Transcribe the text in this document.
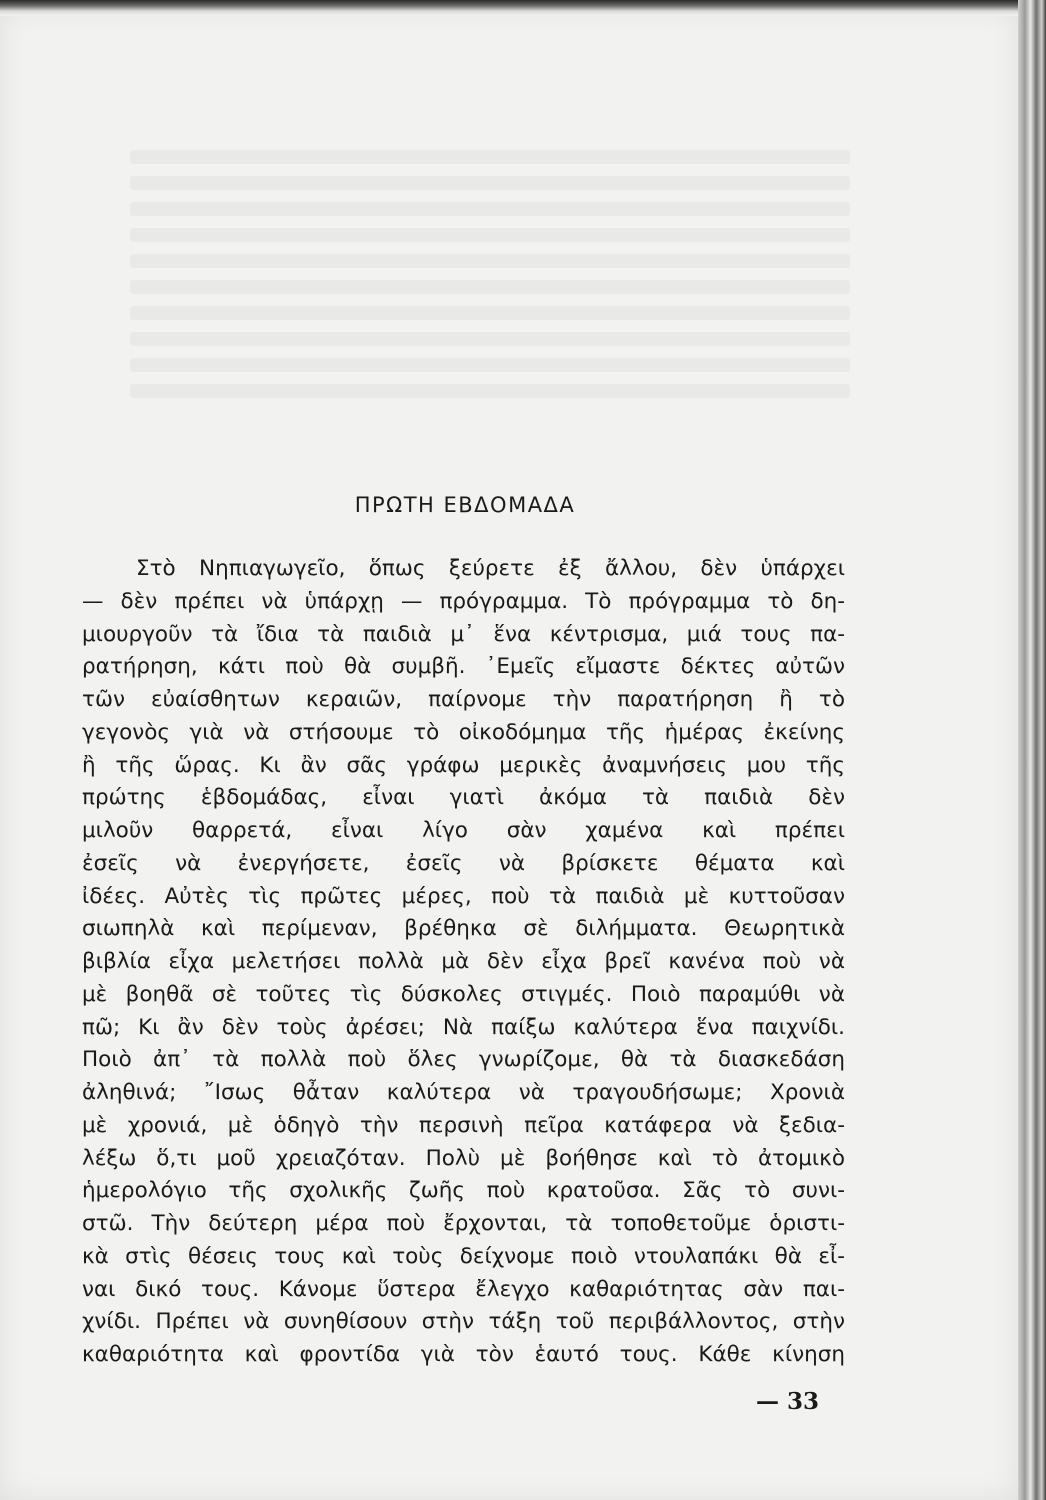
ΠΡΩΤΗ ΕΒΔΟΜΑΔΑ
Στὸ Νηπιαγωγεῖο, ὅπως ξεύρετε ἐξ ἄλλου, δὲν ὑπάρχει
— δὲν πρέπει νὰ ὑπάρχῃ — πρόγραμμα. Τὸ πρόγραμμα τὸ δη-
μιουργοῦν τὰ ἴδια τὰ παιδιὰ μ᾿ ἕνα κέντρισμα, μιά τους πα-
ρατήρηση, κάτι ποὺ θὰ συμβῆ. ᾿Εμεῖς εἴμαστε δέκτες αὐτῶν
τῶν εὐαίσθητων κεραιῶν, παίρνομε τὴν παρατήρηση ἢ τὸ
γεγονὸς γιὰ νὰ στήσουμε τὸ οἰκοδόμημα τῆς ἡμέρας ἐκείνης
ἢ τῆς ὥρας. Κι ἂν σᾶς γράφω μερικὲς ἀναμνήσεις μου τῆς
πρώτης ἑβδομάδας, εἶναι γιατὶ ἀκόμα τὰ παιδιὰ δὲν
μιλοῦν θαρρετά, εἶναι λίγο σὰν χαμένα καὶ πρέπει
ἐσεῖς νὰ ἐνεργήσετε, ἐσεῖς νὰ βρίσκετε θέματα καὶ
ἰδέες. Αὐτὲς τὶς πρῶτες μέρες, ποὺ τὰ παιδιὰ μὲ κυττοῦσαν
σιωπηλὰ καὶ περίμεναν, βρέθηκα σὲ διλήμματα. Θεωρητικὰ
βιβλία εἶχα μελετήσει πολλὰ μὰ δὲν εἶχα βρεῖ κανένα ποὺ νὰ
μὲ βοηθᾶ σὲ τοῦτες τὶς δύσκολες στιγμές. Ποιὸ παραμύθι νὰ
πῶ; Κι ἂν δὲν τοὺς ἀρέσει; Νὰ παίξω καλύτερα ἕνα παιχνίδι.
Ποιὸ ἀπ᾿ τὰ πολλὰ ποὺ ὅλες γνωρίζομε, θὰ τὰ διασκεδάση
ἀληθινά; ῎Ισως θἆταν καλύτερα νὰ τραγουδήσωμε; Χρονιὰ
μὲ χρονιά, μὲ ὁδηγὸ τὴν περσινὴ πεῖρα κατάφερα νὰ ξεδια-
λέξω ὅ,τι μοῦ χρειαζόταν. Πολὺ μὲ βοήθησε καὶ τὸ ἀτομικὸ
ἡμερολόγιο τῆς σχολικῆς ζωῆς ποὺ κρατοῦσα. Σᾶς τὸ συνι-
στῶ. Τὴν δεύτερη μέρα ποὺ ἔρχονται, τὰ τοποθετοῦμε ὁριστι-
κὰ στὶς θέσεις τους καὶ τοὺς δείχνομε ποιὸ ντουλαπάκι θὰ εἶ-
ναι δικό τους. Κάνομε ὕστερα ἔλεγχο καθαριότητας σὰν παι-
χνίδι. Πρέπει νὰ συνηθίσουν στὴν τάξη τοῦ περιβάλλοντος, στὴν
καθαριότητα καὶ φροντίδα γιὰ τὸν ἑαυτό τους. Κάθε κίνηση
— 33
